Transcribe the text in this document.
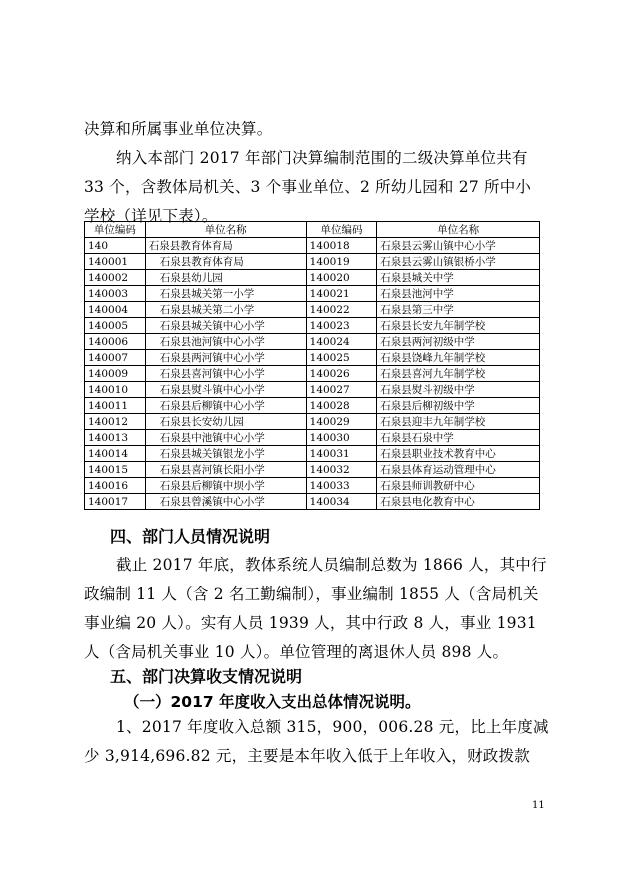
决算和所属事业单位决算。
纳入本部门 2017 年部门决算编制范围的二级决算单位共有
33 个，含教体局机关、3 个事业单位、2 所幼儿园和 27 所中小
学校（详见下表）。
单位编码	单位名称	单位编码	单位名称
140	石泉县教育体育局	140018	石泉县云雾山镇中心小学
140001	石泉县教育体育局	140019	石泉县云雾山镇银桥小学
140002	石泉县幼儿园	140020	石泉县城关中学
140003	石泉县城关第一小学	140021	石泉县池河中学
140004	石泉县城关第二小学	140022	石泉县第三中学
140005	石泉县城关镇中心小学	140023	石泉县长安九年制学校
140006	石泉县池河镇中心小学	140024	石泉县两河初级中学
140007	石泉县两河镇中心小学	140025	石泉县饶峰九年制学校
140009	石泉县喜河镇中心小学	140026	石泉县喜河九年制学校
140010	石泉县熨斗镇中心小学	140027	石泉县熨斗初级中学
140011	石泉县后柳镇中心小学	140028	石泉县后柳初级中学
140012	石泉县长安幼儿园	140029	石泉县迎丰九年制学校
140013	石泉县中池镇中心小学	140030	石泉县石泉中学
140014	石泉县城关镇银龙小学	140031	石泉县职业技术教育中心
140015	石泉县喜河镇长阳小学	140032	石泉县体育运动管理中心
140016	石泉县后柳镇中坝小学	140033	石泉县师训教研中心
140017	石泉县曾溪镇中心小学	140034	石泉县电化教育中心
四、部门人员情况说明
截止 2017 年底，教体系统人员编制总数为 1866 人，其中行
政编制 11 人（含 2 名工勤编制），事业编制 1855 人（含局机关
事业编 20 人）。实有人员 1939 人，其中行政 8 人，事业 1931
人（含局机关事业 10 人）。单位管理的离退休人员 898 人。
五、部门决算收支情况说明
（一）2017 年度收入支出总体情况说明。
1、2017 年度收入总额 315，900，006.28 元，比上年度减
少 3,914,696.82 元，主要是本年收入低于上年收入，财政拨款
11
